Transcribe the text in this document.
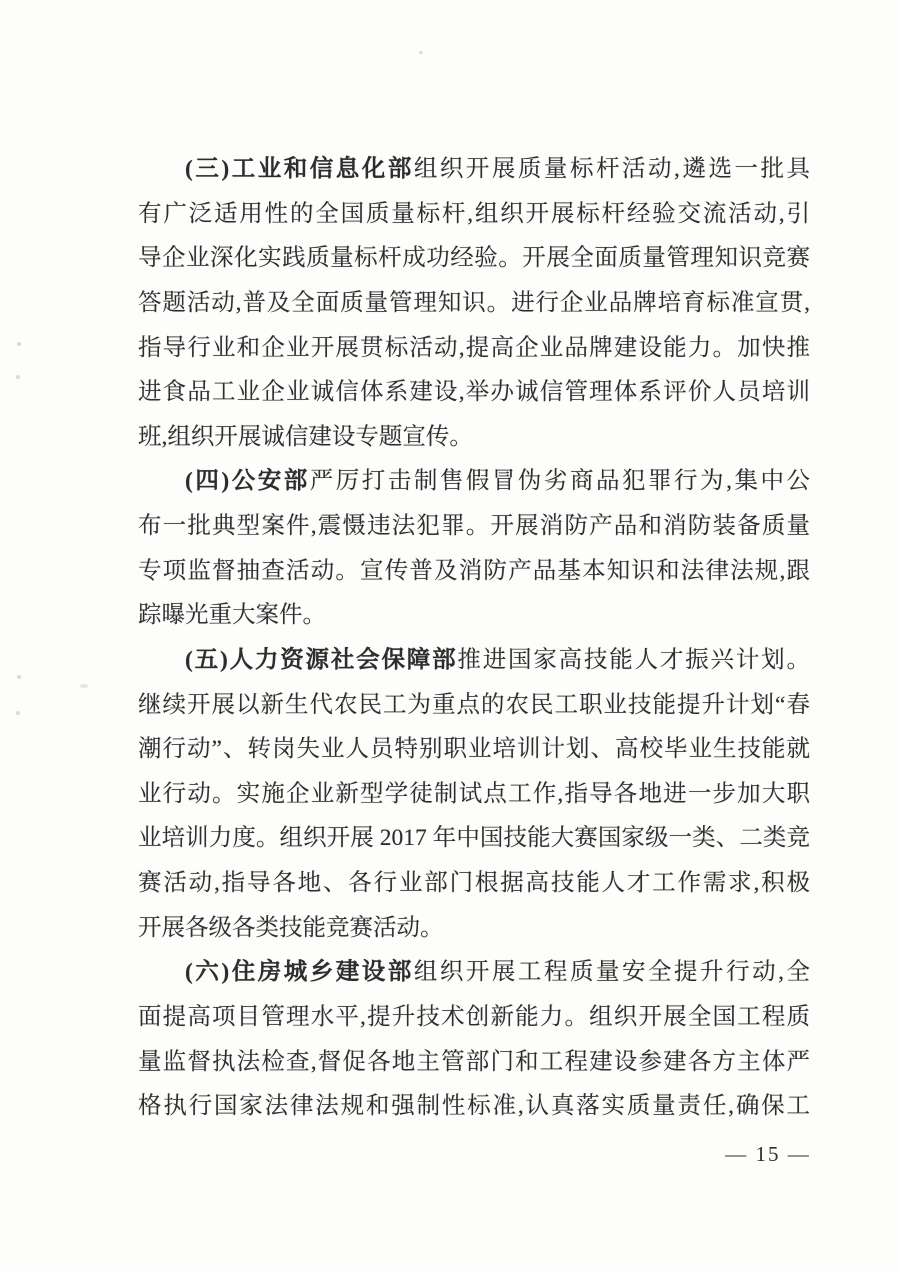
(三)工业和信息化部组织开展质量标杆活动,遴选一批具
有广泛适用性的全国质量标杆,组织开展标杆经验交流活动,引
导企业深化实践质量标杆成功经验。开展全面质量管理知识竞赛
答题活动,普及全面质量管理知识。进行企业品牌培育标准宣贯,
指导行业和企业开展贯标活动,提高企业品牌建设能力。加快推
进食品工业企业诚信体系建设,举办诚信管理体系评价人员培训
班,组织开展诚信建设专题宣传。
(四)公安部严厉打击制售假冒伪劣商品犯罪行为,集中公
布一批典型案件,震慑违法犯罪。开展消防产品和消防装备质量
专项监督抽查活动。宣传普及消防产品基本知识和法律法规,跟
踪曝光重大案件。
(五)人力资源社会保障部推进国家高技能人才振兴计划。
继续开展以新生代农民工为重点的农民工职业技能提升计划“春
潮行动”、转岗失业人员特别职业培训计划、高校毕业生技能就
业行动。实施企业新型学徒制试点工作,指导各地进一步加大职
业培训力度。组织开展 2017 年中国技能大赛国家级一类、二类竞
赛活动,指导各地、各行业部门根据高技能人才工作需求,积极
开展各级各类技能竞赛活动。
(六)住房城乡建设部组织开展工程质量安全提升行动,全
面提高项目管理水平,提升技术创新能力。组织开展全国工程质
量监督执法检查,督促各地主管部门和工程建设参建各方主体严
格执行国家法律法规和强制性标准,认真落实质量责任,确保工
— 15 —
